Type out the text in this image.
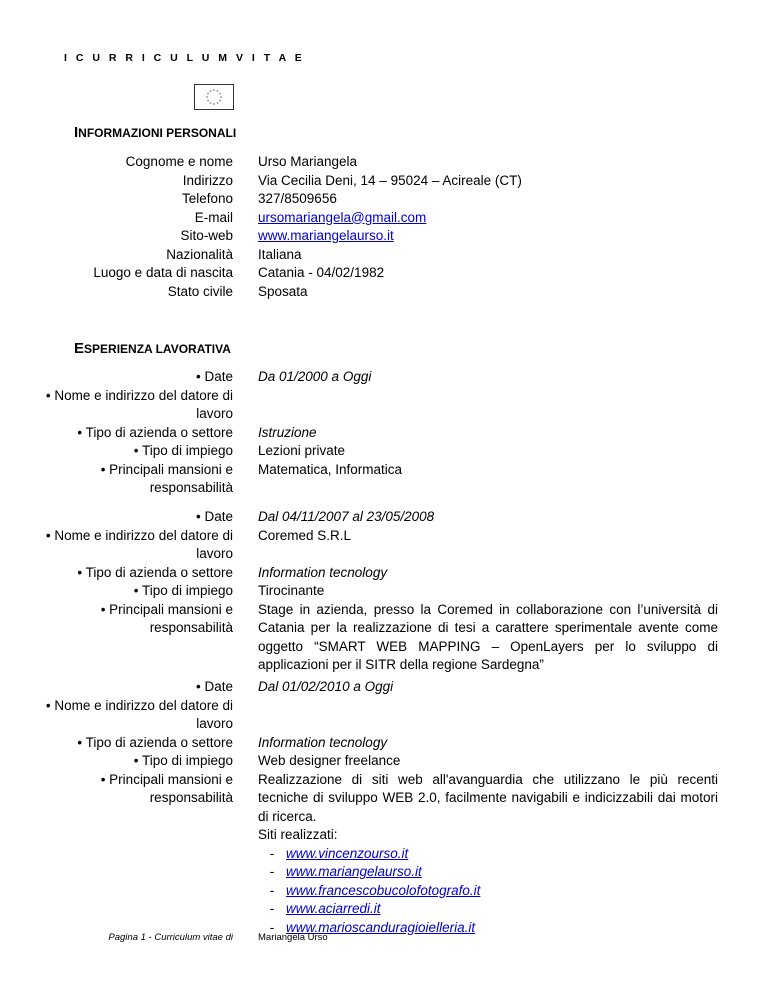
I C U R R I C U L U M V I T A E
INFORMAZIONI PERSONALI
Cognome e nome
Indirizzo
Telefono
E-mail
Sito-web
Nazionalità
Luogo e data di nascita
Stato civile
Urso Mariangela
Via Cecilia Deni, 14 – 95024 – Acireale (CT)
327/8509656
ursomariangela@gmail.com
www.mariangelaurso.it
Italiana
Catania - 04/02/1982
Sposata
ESPERIENZA LAVORATIVA
• Date
• Nome e indirizzo del datore di
lavoro
• Tipo di azienda o settore
• Tipo di impiego
• Principali mansioni e
responsabilità
Da 01/2000 a Oggi
Istruzione
Lezioni private
Matematica, Informatica
• Date
• Nome e indirizzo del datore di
lavoro
• Tipo di azienda o settore
• Tipo di impiego
• Principali mansioni e
responsabilità
Dal 04/11/2007 al 23/05/2008
Coremed S.R.L
Information tecnology
Tirocinante
Stage in azienda, presso la Coremed in collaborazione con l’università di Catania per la realizzazione di tesi a carattere sperimentale avente come oggetto “SMART WEB MAPPING – OpenLayers per lo sviluppo di applicazioni per il SITR della regione Sardegna”
• Date
• Nome e indirizzo del datore di
lavoro
• Tipo di azienda o settore
• Tipo di impiego
• Principali mansioni e
responsabilità
Dal 01/02/2010 a Oggi
Information tecnology
Web designer freelance
Realizzazione di siti web all'avanguardia che utilizzano le più recenti tecniche di sviluppo WEB 2.0, facilmente navigabili e indicizzabili dai motori di ricerca.
Siti realizzati:
- www.vincenzourso.it
- www.mariangelaurso.it
- www.francescobucolofotografo.it
- www.aciarredi.it
- www.marioscanduragioielleria.it
Pagina 1 - Curriculum vitae di	Mariangela Urso
